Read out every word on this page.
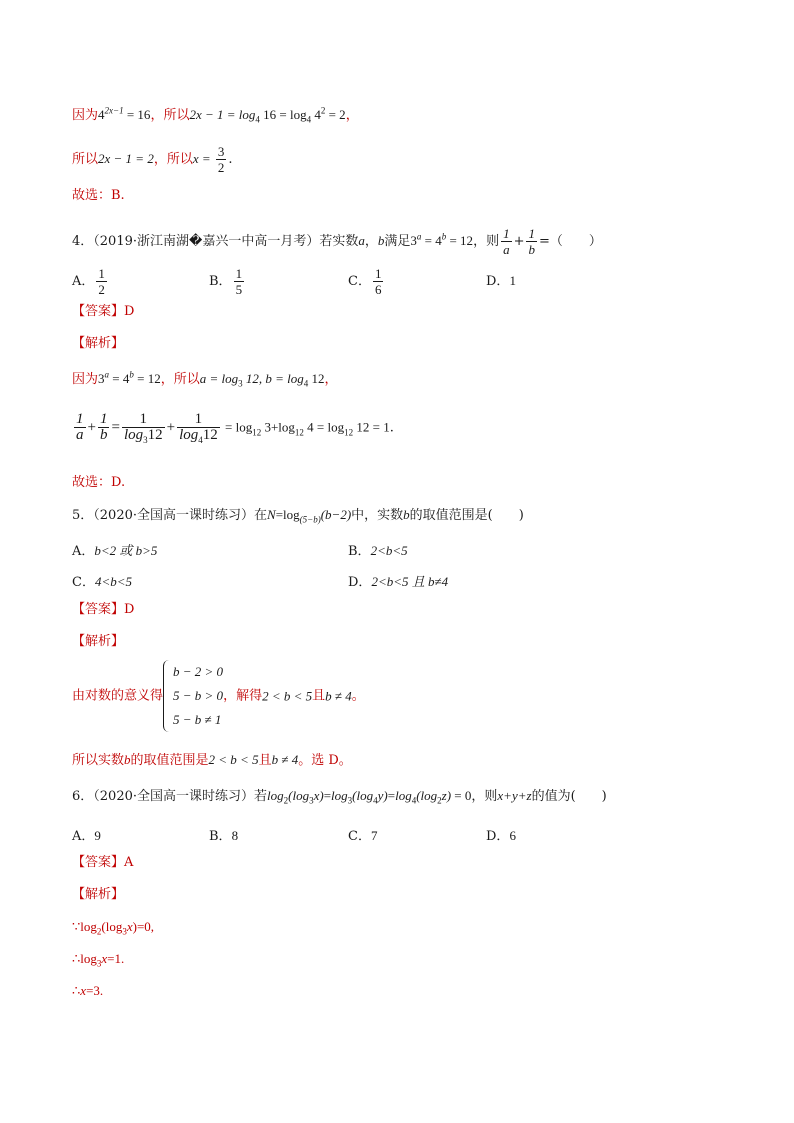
因为$4^{2x-1} = 16$，所以$2x - 1 = \log_4 16 = \log_4 4^2 = 2$，
所以2x − 1 = 2，所以$x = \frac{3}{2}$ .
故选：B.
4．（2019·浙江南湖�嘉兴一中高一月考）若实数a，b满足$3^a = 4^b = 12$，则 $\frac{1}{a} + \frac{1}{b}$ =（　　）
A． $\frac{1}{2}$	B． $\frac{1}{5}$	C． $\frac{1}{6}$	D．1
【答案】D
【解析】
因为$3^a = 4^b = 12$，所以$a = \log_3 12$, $b = \log_4 12$，
$\frac{1}{a} + \frac{1}{b} = \frac{1}{\log_312} + \frac{1}{\log_412} = \log_{12} 3+\log_{12}$ $4 = \log_{12} 12 = 1$.
故选：D.
5．（2020·全国高一课时练习）在$N=\log_{(5-b)}(b-2)$中，实数b的取值范围是(　　)
A．b<2 或 b>5	B．2<b<5
C．4<b<5	D．2<b<5 且 b≠4
【答案】D
【解析】
由对数的意义得
b − 2 > 0
5 − b > 0
5 − b ≠ 1
，解得2 < b < 5且b ≠ 4。
所以实数b的取值范围是2 < b < 5且b ≠ 4。选 D。
6．（2020·全国高一课时练习）若$\log_2(\log_3x)=\log_3(\log_4y)=\log_4(\log_2z) = 0$，则x+y+z的值为(　　)
A．9	B．8	C．7	D．6
【答案】A
【解析】
$\because\log_2(\log_3x)=0$,
$\therefore\log_3x=1$.
∴x=3.
